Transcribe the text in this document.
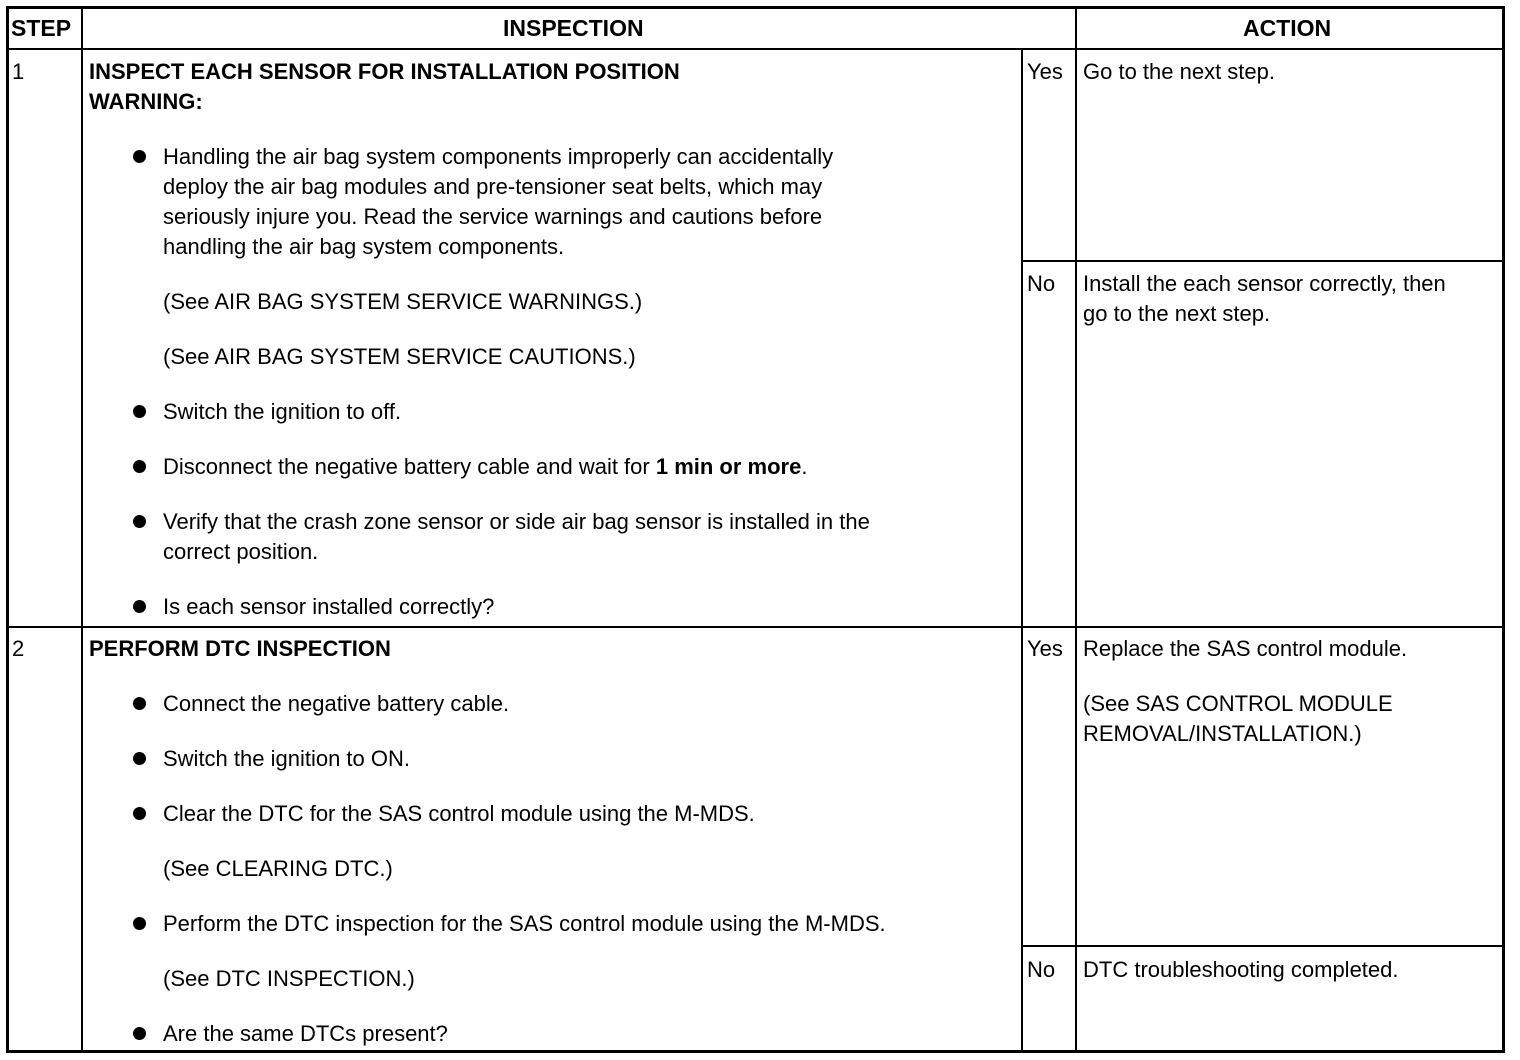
STEP	INSPECTION	ACTION
1	INSPECT EACH SENSOR FOR INSTALLATION POSITION
WARNING:
Handling the air bag system components improperly can accidentally
deploy the air bag modules and pre-tensioner seat belts, which may
seriously injure you. Read the service warnings and cautions before
handling the air bag system components.
(See AIR BAG SYSTEM SERVICE WARNINGS.)
(See AIR BAG SYSTEM SERVICE CAUTIONS.)
Switch the ignition to off.
Disconnect the negative battery cable and wait for 1 min or more.
Verify that the crash zone sensor or side air bag sensor is installed in the
correct position.
Is each sensor installed correctly?
Yes Go to the next step.
No Install the each sensor correctly, then
go to the next step.
2	PERFORM DTC INSPECTION
Connect the negative battery cable.
Switch the ignition to ON.
Clear the DTC for the SAS control module using the M-MDS.
(See CLEARING DTC.)
Perform the DTC inspection for the SAS control module using the M-MDS.
(See DTC INSPECTION.)
Are the same DTCs present?
Yes Replace the SAS control module.
(See SAS CONTROL MODULE
REMOVAL/INSTALLATION.)
No DTC troubleshooting completed.
